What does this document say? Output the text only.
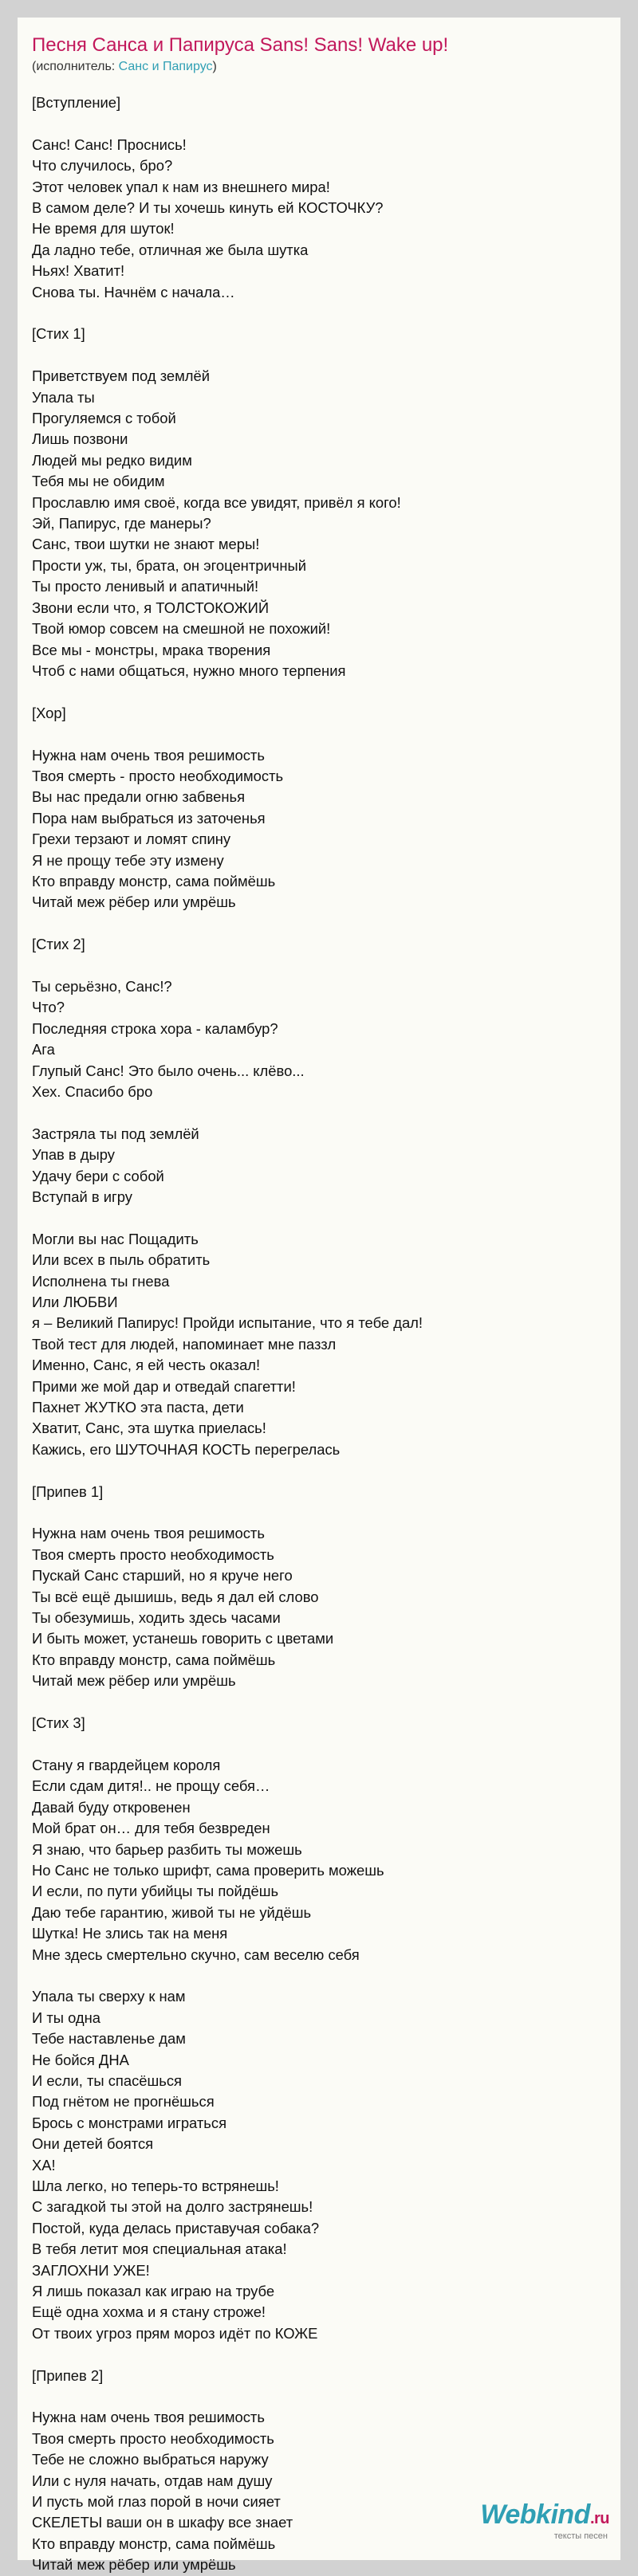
Песня Санса и Папируса Sans! Sans! Wake up!
(исполнитель: Санс и Папирус)
[Вступление]
Санс! Санс! Проснись!
Что случилось, бро?
Этот человек упал к нам из внешнего мира!
В самом деле? И ты хочешь кинуть ей КОСТОЧКУ?
Не время для шуток!
Да ладно тебе, отличная же была шутка
Ньях! Хватит!
Снова ты. Начнём с начала…
[Стих 1]
Приветствуем под землёй
Упала ты
Прогуляемся с тобой
Лишь позвони
Людей мы редко видим
Тебя мы не обидим
Прославлю имя своё, когда все увидят, привёл я кого!
Эй, Папирус, где манеры?
Санс, твои шутки не знают меры!
Прости уж, ты, брата, он эгоцентричный
Ты просто ленивый и апатичный!
Звони если что, я ТОЛСТОКОЖИЙ
Твой юмор совсем на смешной не похожий!
Все мы - монстры, мрака творения
Чтоб с нами общаться, нужно много терпения
[Хор]
Нужна нам очень твоя решимость
Твоя смерть - просто необходимость
Вы нас предали огню забвенья
Пора нам выбраться из заточенья
Грехи терзают и ломят спину
Я не прощу тебе эту измену
Кто вправду монстр, сама поймёшь
Читай меж рёбер или умрёшь
[Стих 2]
Ты серьёзно, Санс!?
Что?
Последняя строка хора - каламбур?
Ага
Глупый Санс! Это было очень... клёво...
Хех. Спасибо бро
Застряла ты под землёй
Упав в дыру
Удачу бери с собой
Вступай в игру
Могли вы нас Пощадить
Или всех в пыль обратить
Исполнена ты гнева
Или ЛЮБВИ
я – Великий Папирус! Пройди испытание, что я тебе дал!
Твой тест для людей, напоминает мне паззл
Именно, Санс, я ей честь оказал!
Прими же мой дар и отведай спагетти!
Пахнет ЖУТКО эта паста, дети
Хватит, Санс, эта шутка приелась!
Кажись, его ШУТОЧНАЯ КОСТЬ перегрелась
[Припев 1]
Нужна нам очень твоя решимость
Твоя смерть просто необходимость
Пускай Санс старший, но я круче него
Ты всё ещё дышишь, ведь я дал ей слово
Ты обезумишь, ходить здесь часами
И быть может, устанешь говорить с цветами
Кто вправду монстр, сама поймёшь
Читай меж рёбер или умрёшь
[Стих 3]
Стану я гвардейцем короля
Если сдам дитя!.. не прощу себя…
Давай буду откровенен
Мой брат он… для тебя безвреден
Я знаю, что барьер разбить ты можешь
Но Санс не только шрифт, сама проверить можешь
И если, по пути убийцы ты пойдёшь
Даю тебе гарантию, живой ты не уйдёшь
Шутка! Не злись так на меня
Мне здесь смертельно скучно, сам веселю себя
Упала ты сверху к нам
И ты одна
Тебе наставленье дам
Не бойся ДНА
И если, ты спасёшься
Под гнётом не прогнёшься
Брось с монстрами играться
Они детей боятся
ХА!
Шла легко, но теперь-то встрянешь!
С загадкой ты этой на долго застрянешь!
Постой, куда делась приставучая собака?
В тебя летит моя специальная атака!
ЗАГЛОХНИ УЖЕ!
Я лишь показал как играю на трубе
Ещё одна хохма и я стану строже!
От твоих угроз прям мороз идёт по КОЖЕ
[Припев 2]
Нужна нам очень твоя решимость
Твоя смерть просто необходимость
Тебе не сложно выбраться наружу
Или с нуля начать, отдав нам душу
И пусть мой глаз порой в ночи сияет
СКЕЛЕТЫ ваши он в шкафу все знает
Кто вправду монстр, сама поймёшь
Читай меж рёбер или умрёшь
Webkind.ru
тексты песен
